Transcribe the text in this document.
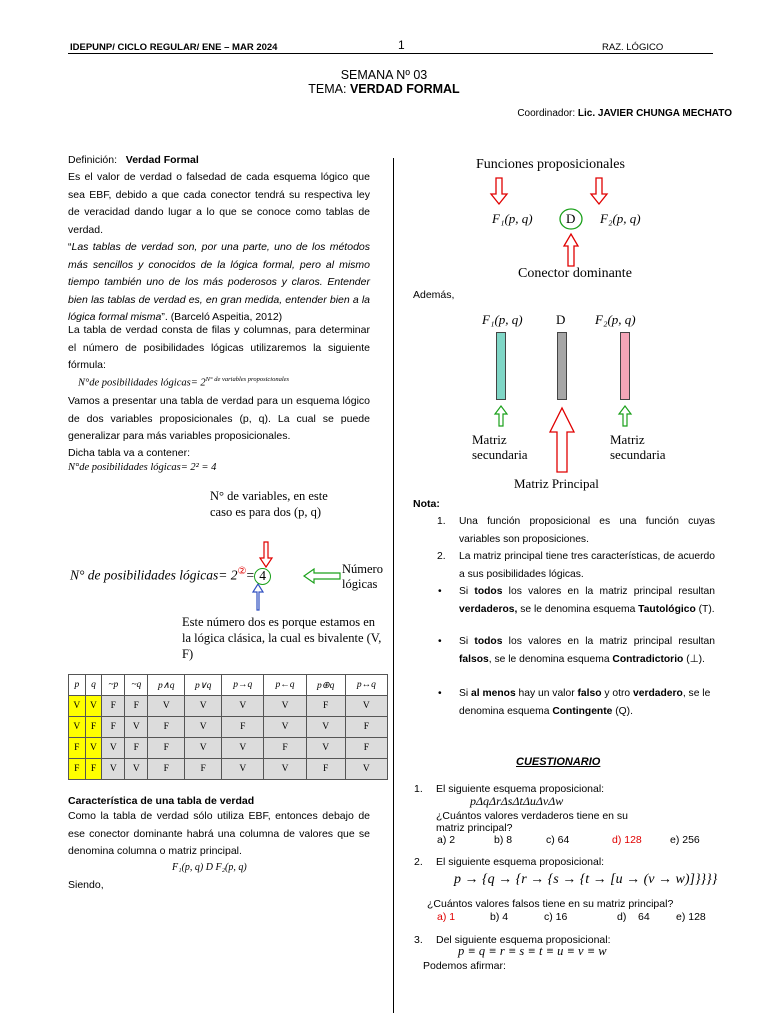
IDEPUNP/ CICLO REGULAR/ ENE – MAR 2024	1	RAZ. LÓGICO
SEMANA Nº 03
TEMA: VERDAD FORMAL
Coordinador: Lic. JAVIER CHUNGA MECHATO
Definición: Verdad Formal
Es el valor de verdad o falsedad de cada esquema lógico que sea EBF, debido a que cada conector tendrá su respectiva ley de veracidad dando lugar a lo que se conoce como tablas de verdad.
“Las tablas de verdad son, por una parte, uno de los métodos más sencillos y conocidos de la lógica formal, pero al mismo tiempo también uno de los más poderosos y claros. Entender bien las tablas de verdad es, en gran medida, entender bien a la lógica formal misma”. (Barceló Aspeitia, 2012)
La tabla de verdad consta de filas y columnas, para determinar el número de posibilidades lógicas utilizaremos la siguiente fórmula:
N°de posibilidades lógicas= $2^{N^\circ de variables proposicionales}$
Vamos a presentar una tabla de verdad para un esquema lógico de dos variables proposicionales (p, q). La cual se puede generalizar para más variables proposicionales.
Dicha tabla va a contener:
N°de posibilidades lógicas= 2² = 4
N° de variables, en este caso es para dos (p, q)
N° de posibilidades lógicas= 2②= 4	Número lógicas
Este número dos es porque estamos en la lógica clásica, la cual es bivalente (V, F)
p	q	~p	~q	p∧q	p∨q	p→q	p←q	p⊕q	p↔q
V	V	F	F	V	V	V	V	F	V
V	F	F	V	F	V	F	V	V	F
F	V	V	F	F	V	V	F	V	F
F	F	V	V	F	F	V	V	F	V
Característica de una tabla de verdad
Como la tabla de verdad sólo utiliza EBF, entonces debajo de ese conector dominante habrá una columna de valores que se denomina columna o matriz principal.
F₁(p, q) D F₂(p, q)
Siendo,
Funciones proposicionales
F₁(p, q)	D F₂(p, q)
Conector dominante
Además,
F₁(p, q)	D F₂(p, q)
Matriz secundaria
Matriz secundaria
Matriz Principal
Nota:
1. Una función proposicional es una función cuyas variables son proposiciones.
2. La matriz principal tiene tres características, de acuerdo a sus posibilidades lógicas.
• Si todos los valores en la matriz principal resultan verdaderos, se le denomina esquema Tautológico (T).
• Si todos los valores en la matriz principal resultan falsos, se le denomina esquema Contradictorio (⊥).
• Si al menos hay un valor falso y otro verdadero, se le denomina esquema Contingente (Q).
CUESTIONARIO
1. El siguiente esquema proposicional:
pΔqΔrΔsΔtΔuΔvΔw
¿Cuántos valores verdaderos tiene en su matriz principal?
a) 2	b) 8	c) 64	d) 128	e) 256
2. El siguiente esquema proposicional:
p → {q → {r → {s → {t → [u → (v → w)]}}}}
¿Cuántos valores falsos tiene en su matriz principal?
a) 1	b) 4	c) 16	d)    64	e) 128
3. Del siguiente esquema proposicional:
p ≡ q ≡ r ≡ s ≡ t ≡ u ≡ v ≡ w
Podemos afirmar:
